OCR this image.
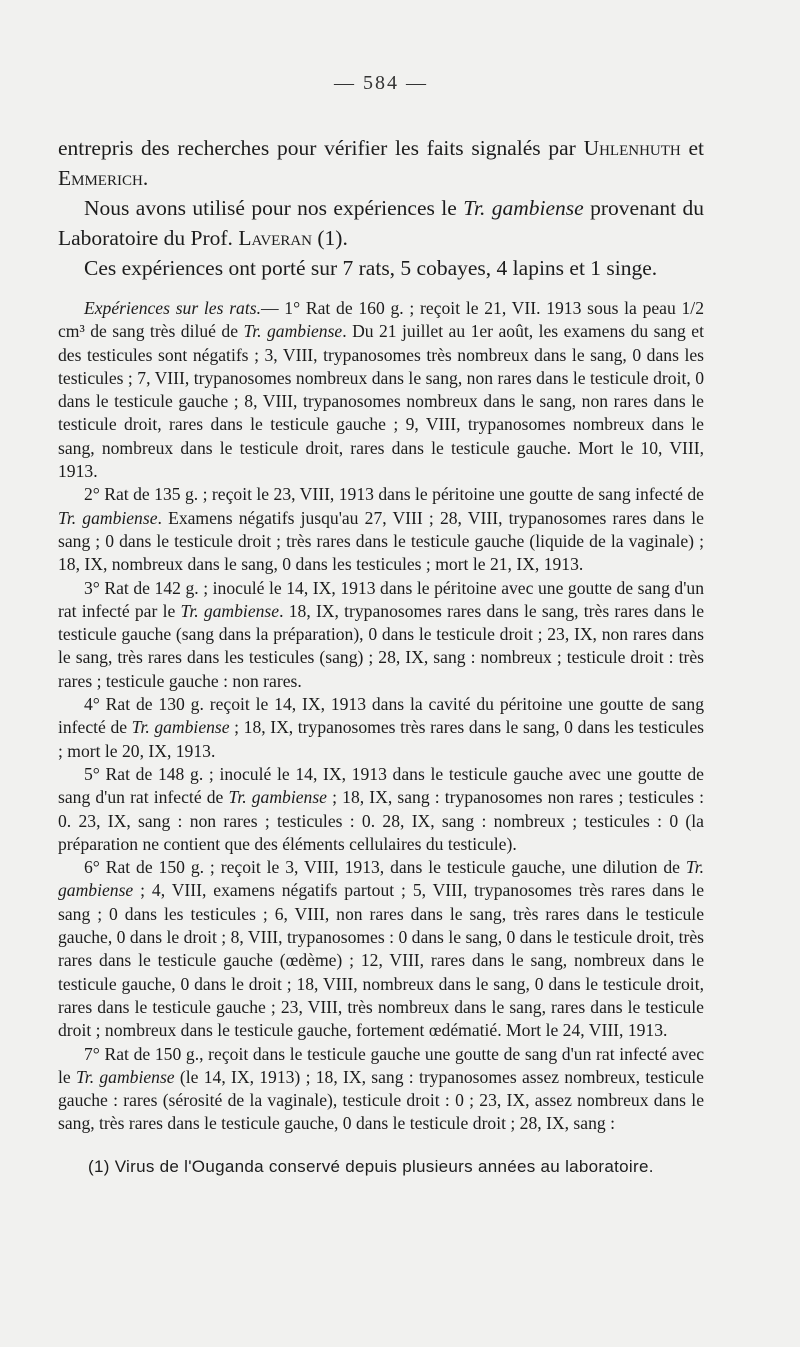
— 584 —

entrepris des recherches pour vérifier les faits signalés par Uhlenhuth et Emmerich.

Nous avons utilisé pour nos expériences le Tr. gambiense provenant du Laboratoire du Prof. Laveran (1).

Ces expériences ont porté sur 7 rats, 5 cobayes, 4 lapins et 1 singe.

Expériences sur les rats.— 1° Rat de 160 g. ; reçoit le 21, VII. 1913 sous la peau 1/2 cm³ de sang très dilué de Tr. gambiense. Du 21 juillet au 1er août, les examens du sang et des testicules sont négatifs ; 3, VIII, trypanosomes très nombreux dans le sang, 0 dans les testicules ; 7, VIII, trypanosomes nombreux dans le sang, non rares dans le testicule droit, 0 dans le testicule gauche ; 8, VIII, trypanosomes nombreux dans le sang, non rares dans le testicule droit, rares dans le testicule gauche ; 9, VIII, trypanosomes nombreux dans le sang, nombreux dans le testicule droit, rares dans le testicule gauche. Mort le 10, VIII, 1913.

2° Rat de 135 g. ; reçoit le 23, VIII, 1913 dans le péritoine une goutte de sang infecté de Tr. gambiense. Examens négatifs jusqu'au 27, VIII ; 28, VIII, trypanosomes rares dans le sang ; 0 dans le testicule droit ; très rares dans le testicule gauche (liquide de la vaginale) ; 18, IX, nombreux dans le sang, 0 dans les testicules ; mort le 21, IX, 1913.

3° Rat de 142 g. ; inoculé le 14, IX, 1913 dans le péritoine avec une goutte de sang d'un rat infecté par le Tr. gambiense. 18, IX, trypanosomes rares dans le sang, très rares dans le testicule gauche (sang dans la préparation), 0 dans le testicule droit ; 23, IX, non rares dans le sang, très rares dans les testicules (sang) ; 28, IX, sang : nombreux ; testicule droit : très rares ; testicule gauche : non rares.

4° Rat de 130 g. reçoit le 14, IX, 1913 dans la cavité du péritoine une goutte de sang infecté de Tr. gambiense ; 18, IX, trypanosomes très rares dans le sang, 0 dans les testicules ; mort le 20, IX, 1913.

5° Rat de 148 g. ; inoculé le 14, IX, 1913 dans le testicule gauche avec une goutte de sang d'un rat infecté de Tr. gambiense ; 18, IX, sang : trypanosomes non rares ; testicules : 0. 23, IX, sang : non rares ; testicules : 0. 28, IX, sang : nombreux ; testicules : 0 (la préparation ne contient que des éléments cellulaires du testicule).

6° Rat de 150 g. ; reçoit le 3, VIII, 1913, dans le testicule gauche, une dilution de Tr. gambiense ; 4, VIII, examens négatifs partout ; 5, VIII, trypanosomes très rares dans le sang ; 0 dans les testicules ; 6, VIII, non rares dans le sang, très rares dans le testicule gauche, 0 dans le droit ; 8, VIII, trypanosomes : 0 dans le sang, 0 dans le testicule droit, très rares dans le testicule gauche (œdème) ; 12, VIII, rares dans le sang, nombreux dans le testicule gauche, 0 dans le droit ; 18, VIII, nombreux dans le sang, 0 dans le testicule droit, rares dans le testicule gauche ; 23, VIII, très nombreux dans le sang, rares dans le testicule droit ; nombreux dans le testicule gauche, fortement œdématié. Mort le 24, VIII, 1913.

7° Rat de 150 g., reçoit dans le testicule gauche une goutte de sang d'un rat infecté avec le Tr. gambiense (le 14, IX, 1913) ; 18, IX, sang : trypanosomes assez nombreux, testicule gauche : rares (sérosité de la vaginale), testicule droit : 0 ; 23, IX, assez nombreux dans le sang, très rares dans le testicule gauche, 0 dans le testicule droit ; 28, IX, sang :

(1) Virus de l'Ouganda conservé depuis plusieurs années au laboratoire.
